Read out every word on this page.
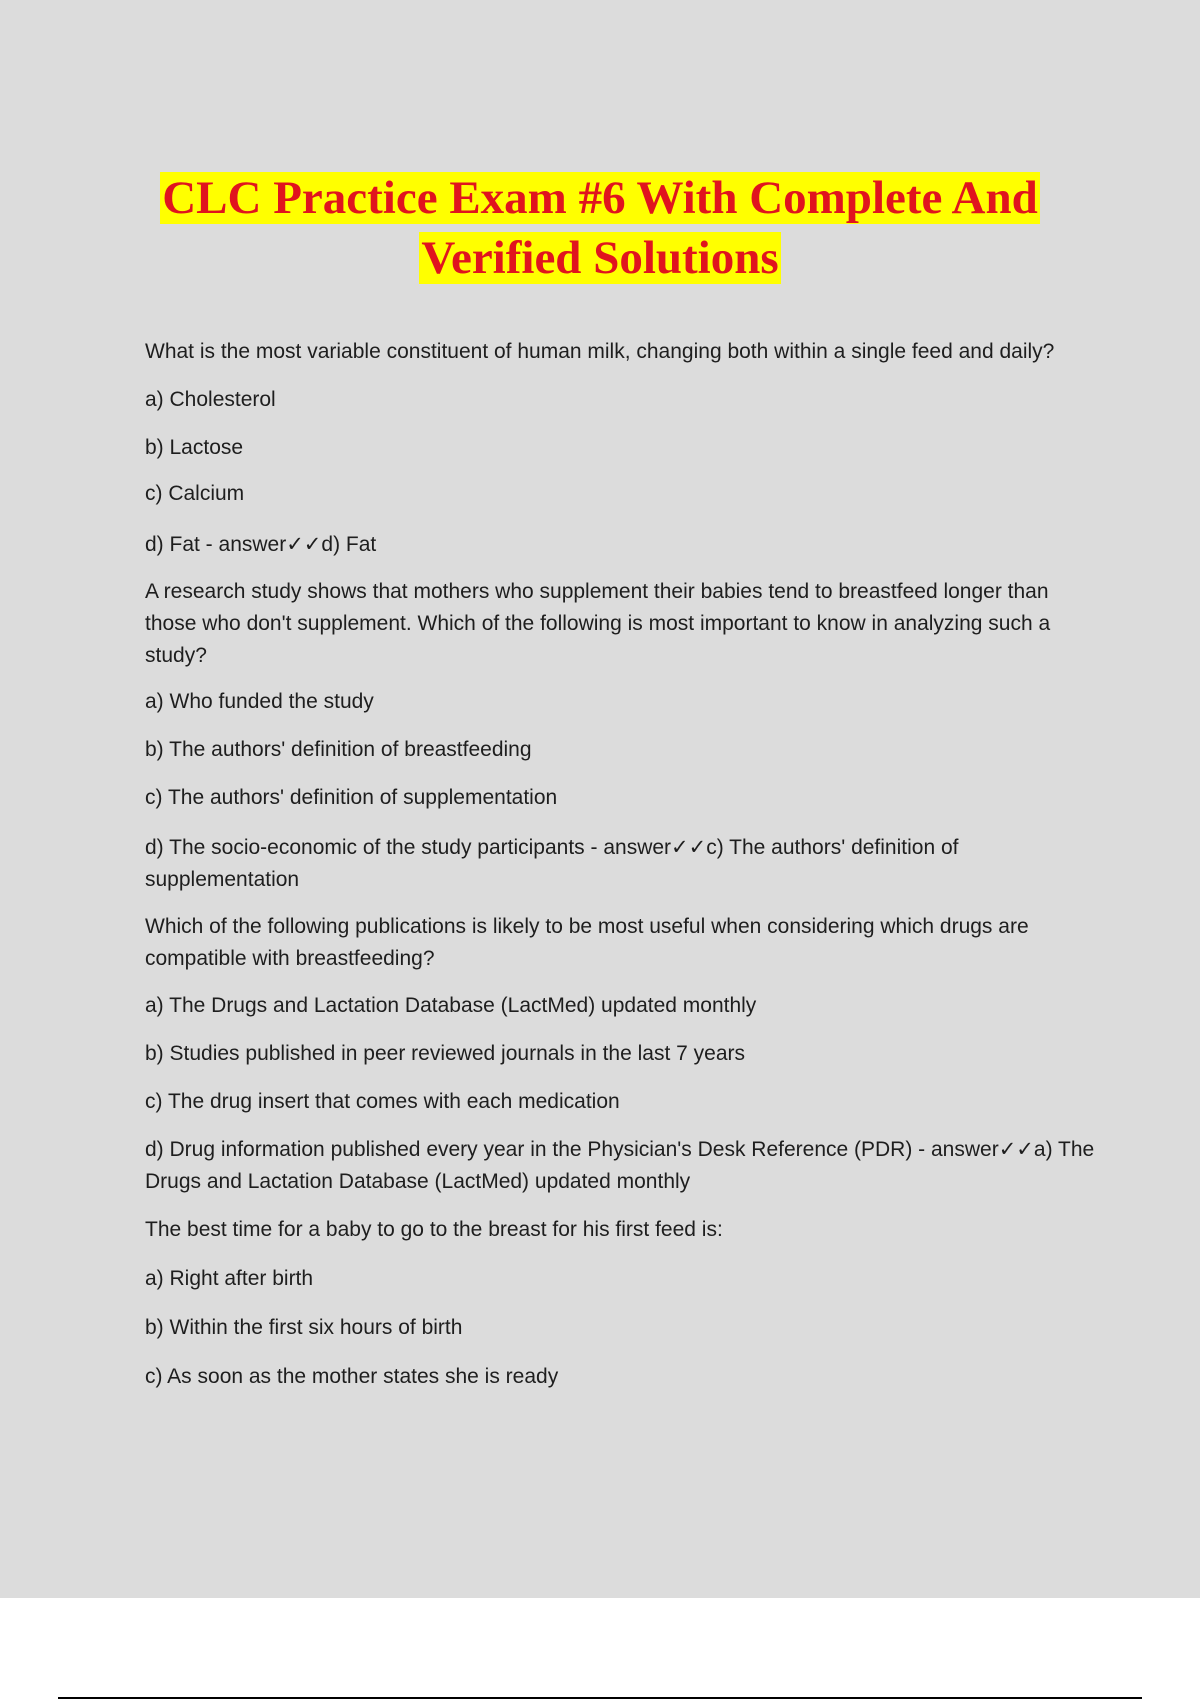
CLC Practice Exam #6 With Complete And
Verified Solutions

What is the most variable constituent of human milk, changing both within a single feed and daily?

a) Cholesterol

b) Lactose

c) Calcium

d) Fat - answer✓✓d) Fat

A research study shows that mothers who supplement their babies tend to breastfeed longer than those who don't supplement. Which of the following is most important to know in analyzing such a study?

a) Who funded the study

b) The authors' definition of breastfeeding

c) The authors' definition of supplementation

d) The socio-economic of the study participants - answer✓✓c) The authors' definition of supplementation

Which of the following publications is likely to be most useful when considering which drugs are compatible with breastfeeding?

a) The Drugs and Lactation Database (LactMed) updated monthly

b) Studies published in peer reviewed journals in the last 7 years

c) The drug insert that comes with each medication

d) Drug information published every year in the Physician's Desk Reference (PDR) - answer✓✓a) The Drugs and Lactation Database (LactMed) updated monthly

The best time for a baby to go to the breast for his first feed is:

a) Right after birth

b) Within the first six hours of birth

c) As soon as the mother states she is ready
